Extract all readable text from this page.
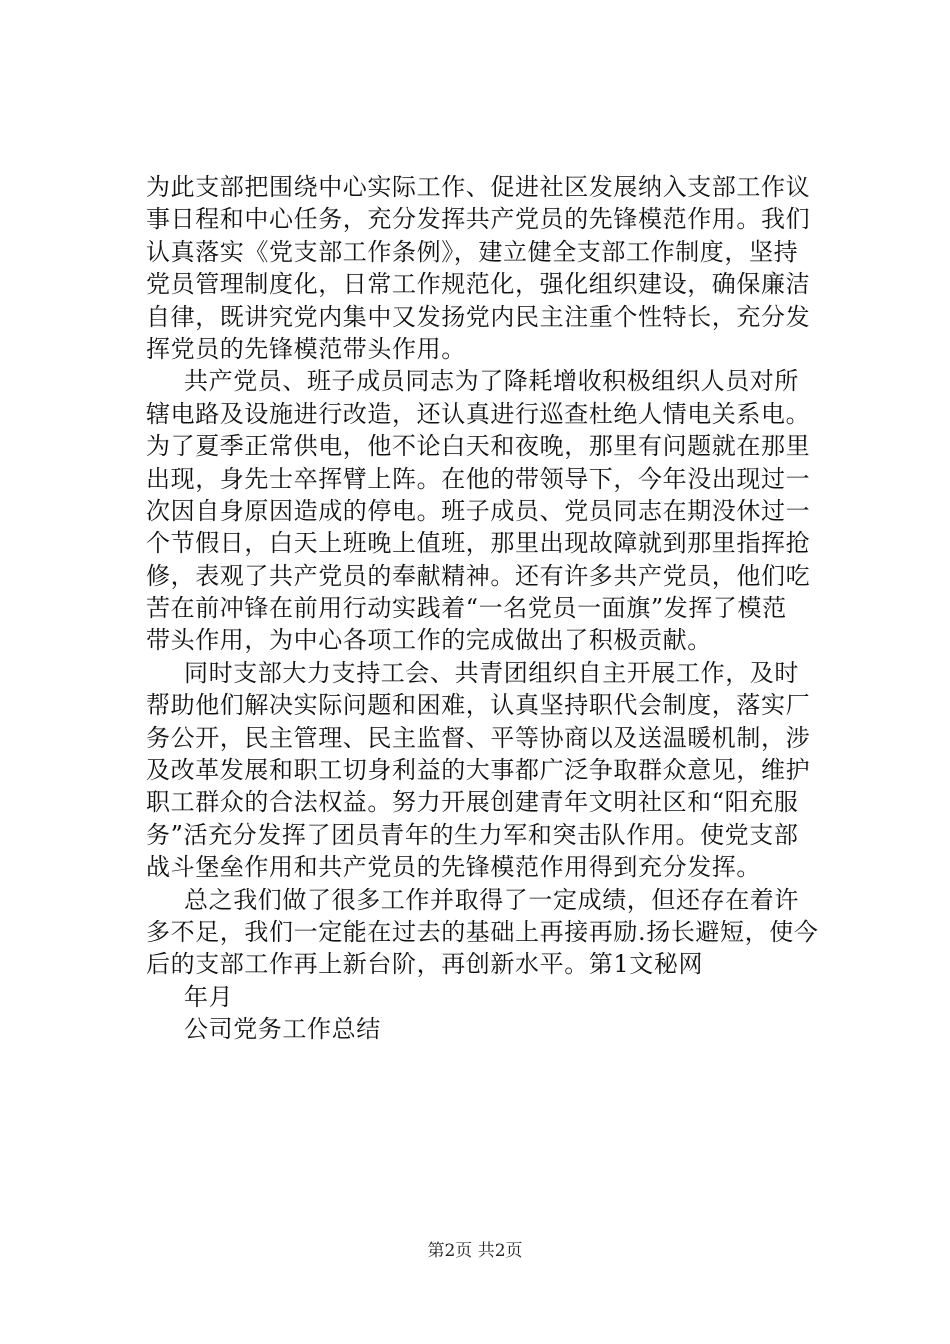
为此支部把围绕中心实际工作、促进社区发展纳入支部工作议
事日程和中心任务，充分发挥共产党员的先锋模范作用。我们
认真落实《党支部工作条例》，建立健全支部工作制度，坚持
党员管理制度化，日常工作规范化，强化组织建设，确保廉洁
自律，既讲究党内集中又发扬党内民主注重个性特长，充分发
挥党员的先锋模范带头作用。
共产党员、班子成员同志为了降耗增收积极组织人员对所
辖电路及设施进行改造，还认真进行巡查杜绝人情电关系电。
为了夏季正常供电，他不论白天和夜晚，那里有问题就在那里
出现，身先士卒挥臂上阵。在他的带领导下，今年没出现过一
次因自身原因造成的停电。班子成员、党员同志在期没休过一
个节假日，白天上班晚上值班，那里出现故障就到那里指挥抢
修，表观了共产党员的奉献精神。还有许多共产党员，他们吃
苦在前冲锋在前用行动实践着“一名党员一面旗”发挥了模范
带头作用，为中心各项工作的完成做出了积极贡献。
同时支部大力支持工会、共青团组织自主开展工作，及时
帮助他们解决实际问题和困难，认真坚持职代会制度，落实厂
务公开，民主管理、民主监督、平等协商以及送温暖机制，涉
及改革发展和职工切身利益的大事都广泛争取群众意见，维护
职工群众的合法权益。努力开展创建青年文明社区和“阳充服
务”活充分发挥了团员青年的生力军和突击队作用。使党支部
战斗堡垒作用和共产党员的先锋模范作用得到充分发挥。
总之我们做了很多工作并取得了一定成绩，但还存在着许
多不足，我们一定能在过去的基础上再接再励.扬长避短，使今
后的支部工作再上新台阶，再创新水平。第1文秘网
年月
公司党务工作总结
第2页 共2页
